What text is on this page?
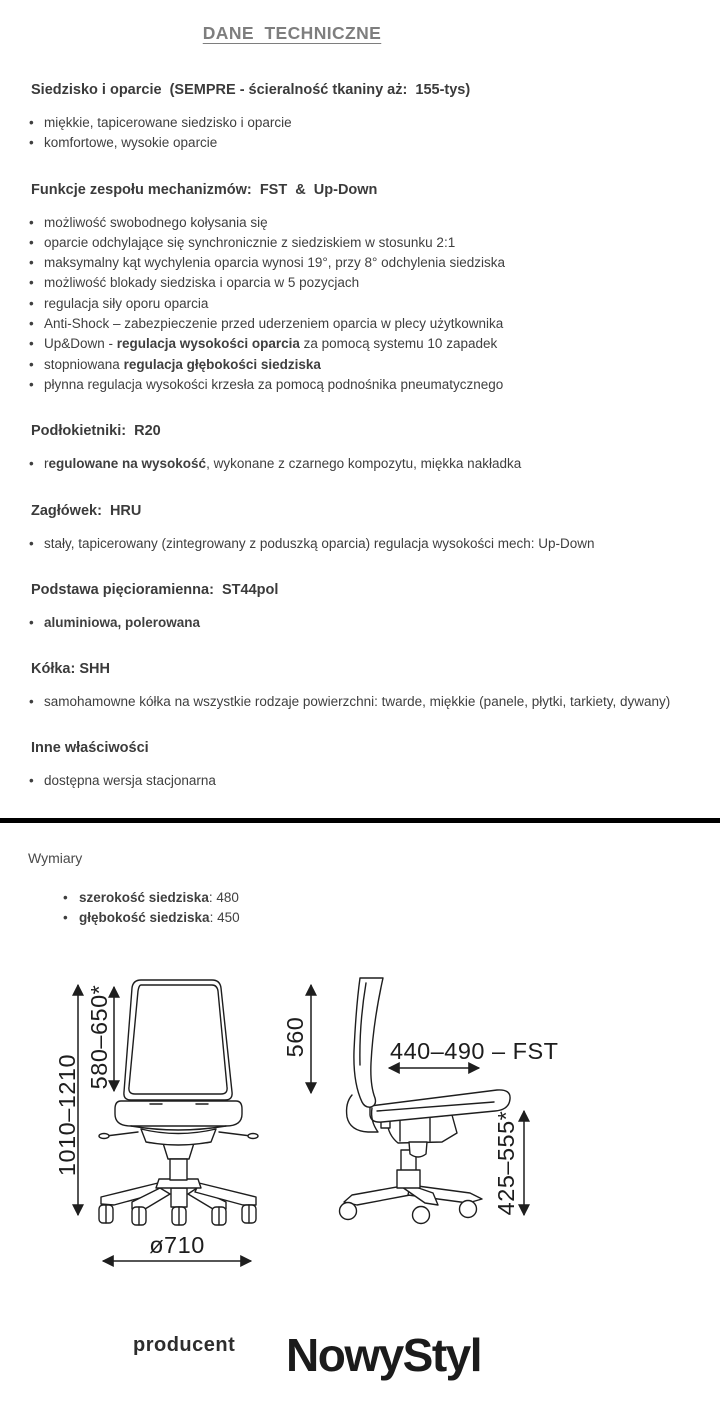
DANE  TECHNICZNE
Siedzisko i oparcie  (SEMPRE - ścieralność tkaniny aż:  155-tys)
• miękkie, tapicerowane siedzisko i oparcie
• komfortowe, wysokie oparcie
Funkcje zespołu mechanizmów:  FST  &  Up-Down
• możliwość swobodnego kołysania się
• oparcie odchylające się synchronicznie z siedziskiem w stosunku 2:1
• maksymalny kąt wychylenia oparcia wynosi 19°, przy 8° odchylenia siedziska
• możliwość blokady siedziska i oparcia w 5 pozycjach
• regulacja siły oporu oparcia
• Anti-Shock – zabezpieczenie przed uderzeniem oparcia w plecy użytkownika
• Up&Down - regulacja wysokości oparcia za pomocą systemu 10 zapadek
• stopniowana regulacja głębokości siedziska
• płynna regulacja wysokości krzesła za pomocą podnośnika pneumatycznego
Podłokietniki:  R20
• regulowane na wysokość, wykonane z czarnego kompozytu, miękka nakładka
Zagłówek:  HRU
• stały, tapicerowany (zintegrowany z poduszką oparcia) regulacja wysokości mech: Up-Down
Podstawa pięcioramienna:  ST44pol
• aluminiowa, polerowana
Kółka: SHH
• samohamowne kółka na wszystkie rodzaje powierzchni: twarde, miękkie (panele, płytki, tarkiety, dywany)
Inne właściwości
• dostępna wersja stacjonarna
Wymiary
• szerokość siedziska: 480
• głębokość siedziska: 450
1010–1210
580–650*
ø710
560	440–490 – FST
425–555*
producent NowyStyl
